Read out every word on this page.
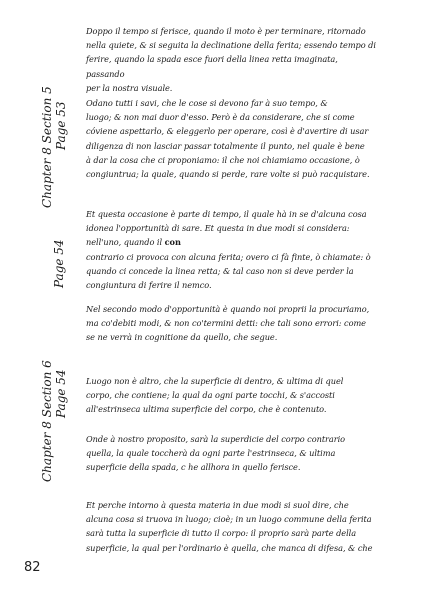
Doppo il tempo si ferisce, quando il moto è per terminare, ritornado
nella quiete, & si seguita la declinatione della ferita; essendo tempo di
ferire, quando la spada esce fuori della linea retta imaginata, passando
per la nostra visuale.

Odano tutti i savi, che le cose si devono far à suo tempo, &
luogo; & non mai duor d'esso. Però è da considerare, che si come
cóviene aspettarlo, & eleggerlo per operare, così è d'avertire di usar
diligenza di non lasciar passar totalmente il punto, nel quale è bene
à dar la cosa che ci proponiamo: il che noi chiamiamo occasione, ò
congiuntrua; la quale, quando si perde, rare volte si può racquistare.

Et questa occasione è parte di tempo, il quale hà in se d'alcuna cosa
idonea l'opportunità di sare. Et questa in due modi si considera:
nell'uno, quando il con

contrario ci provoca con alcuna ferita; overo ci fà finte, ò chiamate: ò
quando ci concede la linea retta; & tal caso non si deve perder la
congiuntura di ferire il nemco.

Nel secondo modo d'opportunità è quando noi proprii la procuriamo,
ma co'debiti modi, & non co'termini detti: che tali sono errori: come
se ne verrà in cognitione da quello, che segue.

Luogo non è altro, che la superficie di dentro, & ultima di quel
corpo, che contiene; la qual da ogni parte tocchi, & s'accosti
all'estrinseca ultima superficie del corpo, che è contenuto.

Onde à nostro proposito, sarà la superdicie del corpo contrario
quella, la quale toccherà da ogni parte l'estrinseca, & ultima
superficie della spada, c he allhora in quello ferisce.

Et perche intorno à questa materia in due modi si suol dire, che
alcuna cosa si truova in luogo; cioè; in un luogo commune della ferita
sarà tutta la superficie di tutto il corpo: il proprio sarà parte della
superficie, la qual per l'ordinario è quella, che manca di difesa, & che

Chapter 8 Section 5 Page 53
Page 54
Chapter 8 Section 6 Page 54
82
